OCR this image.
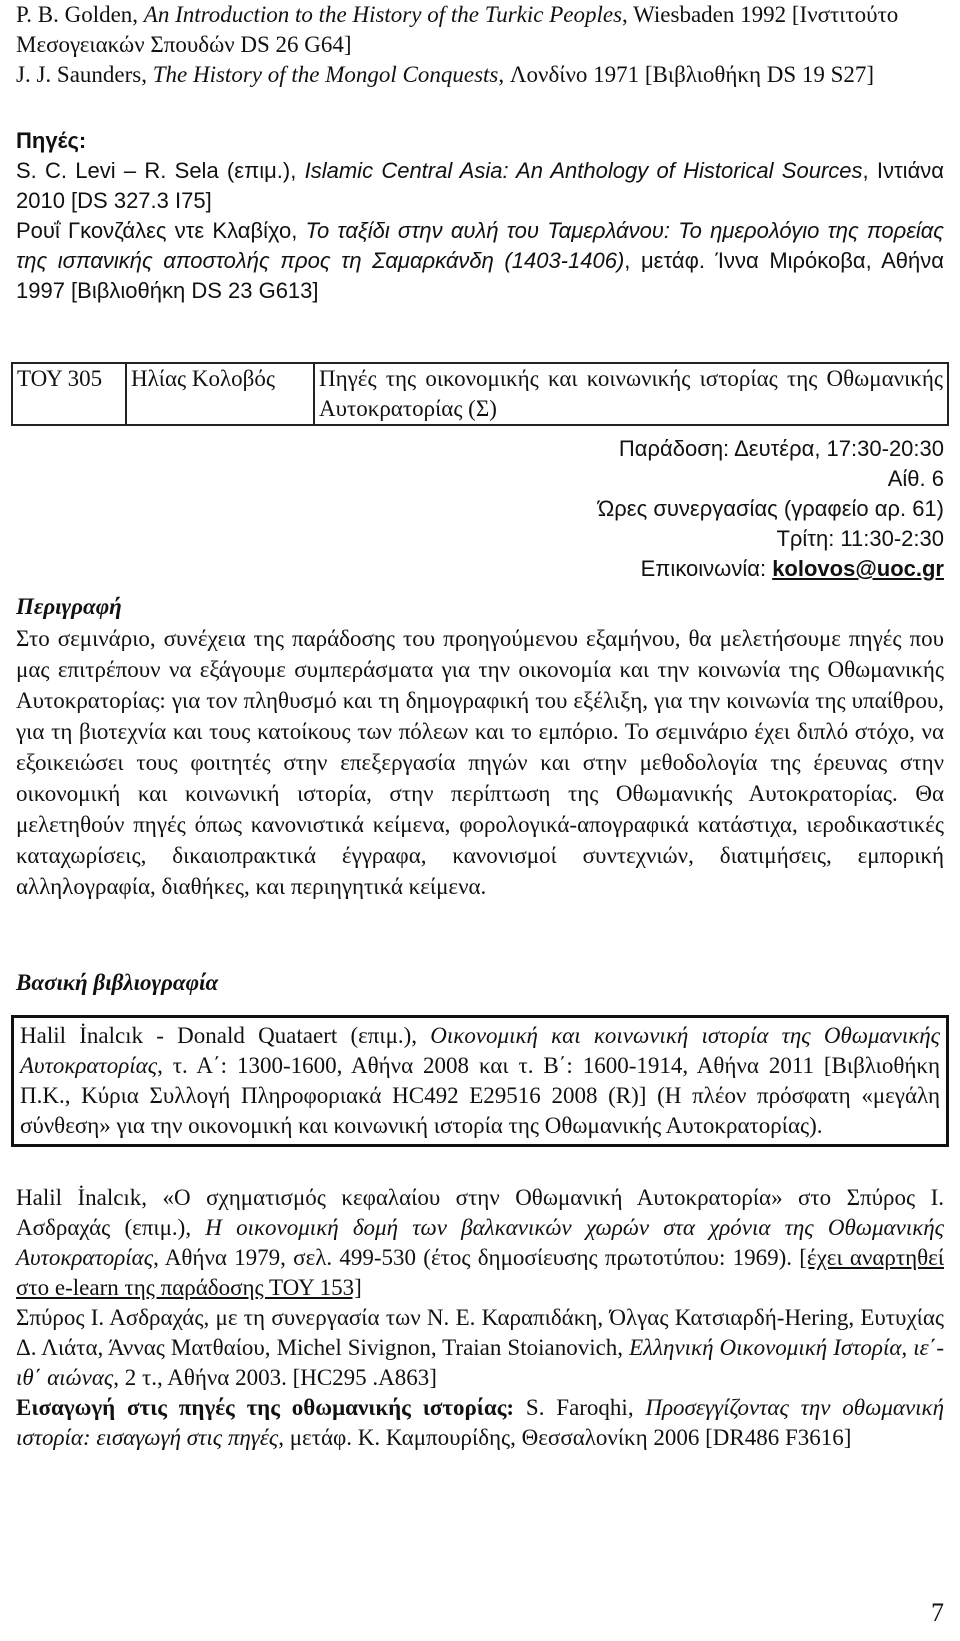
P. B. Golden, An Introduction to the History of the Turkic Peoples, Wiesbaden 1992 [Ινστιτούτο Μεσογειακών Σπουδών DS 26 G64]

J. J. Saunders, The History of the Mongol Conquests, Λονδίνο 1971 [Βιβλιοθήκη DS 19 S27]

Πηγές:

S. C. Levi – R. Sela (επιμ.), Islamic Central Asia: An Anthology of Historical Sources, Ιντιάνα 2010 [DS 327.3 I75]

Ρουΐ Γκονζάλες ντε Κλαβίχο, Το ταξίδι στην αυλή του Ταμερλάνου: Το ημερολόγιο της πορείας της ισπανικής αποστολής προς τη Σαμαρκάνδη (1403-1406), μετάφ. Ίννα Μιρόκοβα, Αθήνα 1997 [Βιβλιοθήκη DS 23 G613]

ΤΟΥ 305	Ηλίας Κολοβός	Πηγές της οικονομικής και κοινωνικής ιστορίας της Οθωμανικής Αυτοκρατορίας (Σ)
Παράδοση: Δευτέρα, 17:30-20:30
Αίθ. 6
Ώρες συνεργασίας (γραφείο αρ. 61)
Τρίτη: 11:30-2:30
Επικοινωνία: kolovos@uoc.gr

Περιγραφή

Στο σεμινάριο, συνέχεια της παράδοσης του προηγούμενου εξαμήνου, θα μελετήσουμε πηγές που μας επιτρέπουν να εξάγουμε συμπεράσματα για την οικονομία και την κοινωνία της Οθωμανικής Αυτοκρατορίας: για τον πληθυσμό και τη δημογραφική του εξέλιξη, για την κοινωνία της υπαίθρου, για τη βιοτεχνία και τους κατοίκους των πόλεων και το εμπόριο. Το σεμινάριο έχει διπλό στόχο, να εξοικειώσει τους φοιτητές στην επεξεργασία πηγών και στην μεθοδολογία της έρευνας στην οικονομική και κοινωνική ιστορία, στην περίπτωση της Οθωμανικής Αυτοκρατορίας. Θα μελετηθούν πηγές όπως κανονιστικά κείμενα, φορολογικά-απογραφικά κατάστιχα, ιεροδικαστικές καταχωρίσεις, δικαιοπρακτικά έγγραφα, κανονισμοί συντεχνιών, διατιμήσεις, εμπορική αλληλογραφία, διαθήκες, και περιηγητικά κείμενα.

Βασική βιβλιογραφία

Halil İnalcık - Donald Quataert (επιμ.), Οικονομική και κοινωνική ιστορία της Οθωμανικής Αυτοκρατορίας, τ. Α΄: 1300-1600, Αθήνα 2008 και τ. Β΄: 1600-1914, Αθήνα 2011 [Βιβλιοθήκη Π.Κ., Κύρια Συλλογή Πληροφοριακά HC492 E29516 2008 (R)] (Η πλέον πρόσφατη «μεγάλη σύνθεση» για την οικονομική και κοινωνική ιστορία της Οθωμανικής Αυτοκρατορίας).

Halil İnalcık, «Ο σχηματισμός κεφαλαίου στην Οθωμανική Αυτοκρατορία» στο Σπύρος Ι. Ασδραχάς (επιμ.), Η οικονομική δομή των βαλκανικών χωρών στα χρόνια της Οθωμανικής Αυτοκρατορίας, Αθήνα 1979, σελ. 499-530 (έτος δημοσίευσης πρωτοτύπου: 1969). [έχει αναρτηθεί στο e-learn της παράδοσης ΤΟΥ 153]

Σπύρος Ι. Ασδραχάς, με τη συνεργασία των Ν. Ε. Καραπιδάκη, Όλγας Κατσιαρδή-Hering, Ευτυχίας Δ. Λιάτα, Άννας Ματθαίου, Michel Sivignon, Traian Stoianovich, Ελληνική Οικονομική Ιστορία, ιε΄-ιθ΄ αιώνας, 2 τ., Αθήνα 2003. [HC295 .A863]

Εισαγωγή στις πηγές της οθωμανικής ιστορίας: S. Faroqhi, Προσεγγίζοντας την οθωμανική ιστορία: εισαγωγή στις πηγές, μετάφ. Κ. Καμπουρίδης, Θεσσαλονίκη 2006 [DR486 F3616]

7
